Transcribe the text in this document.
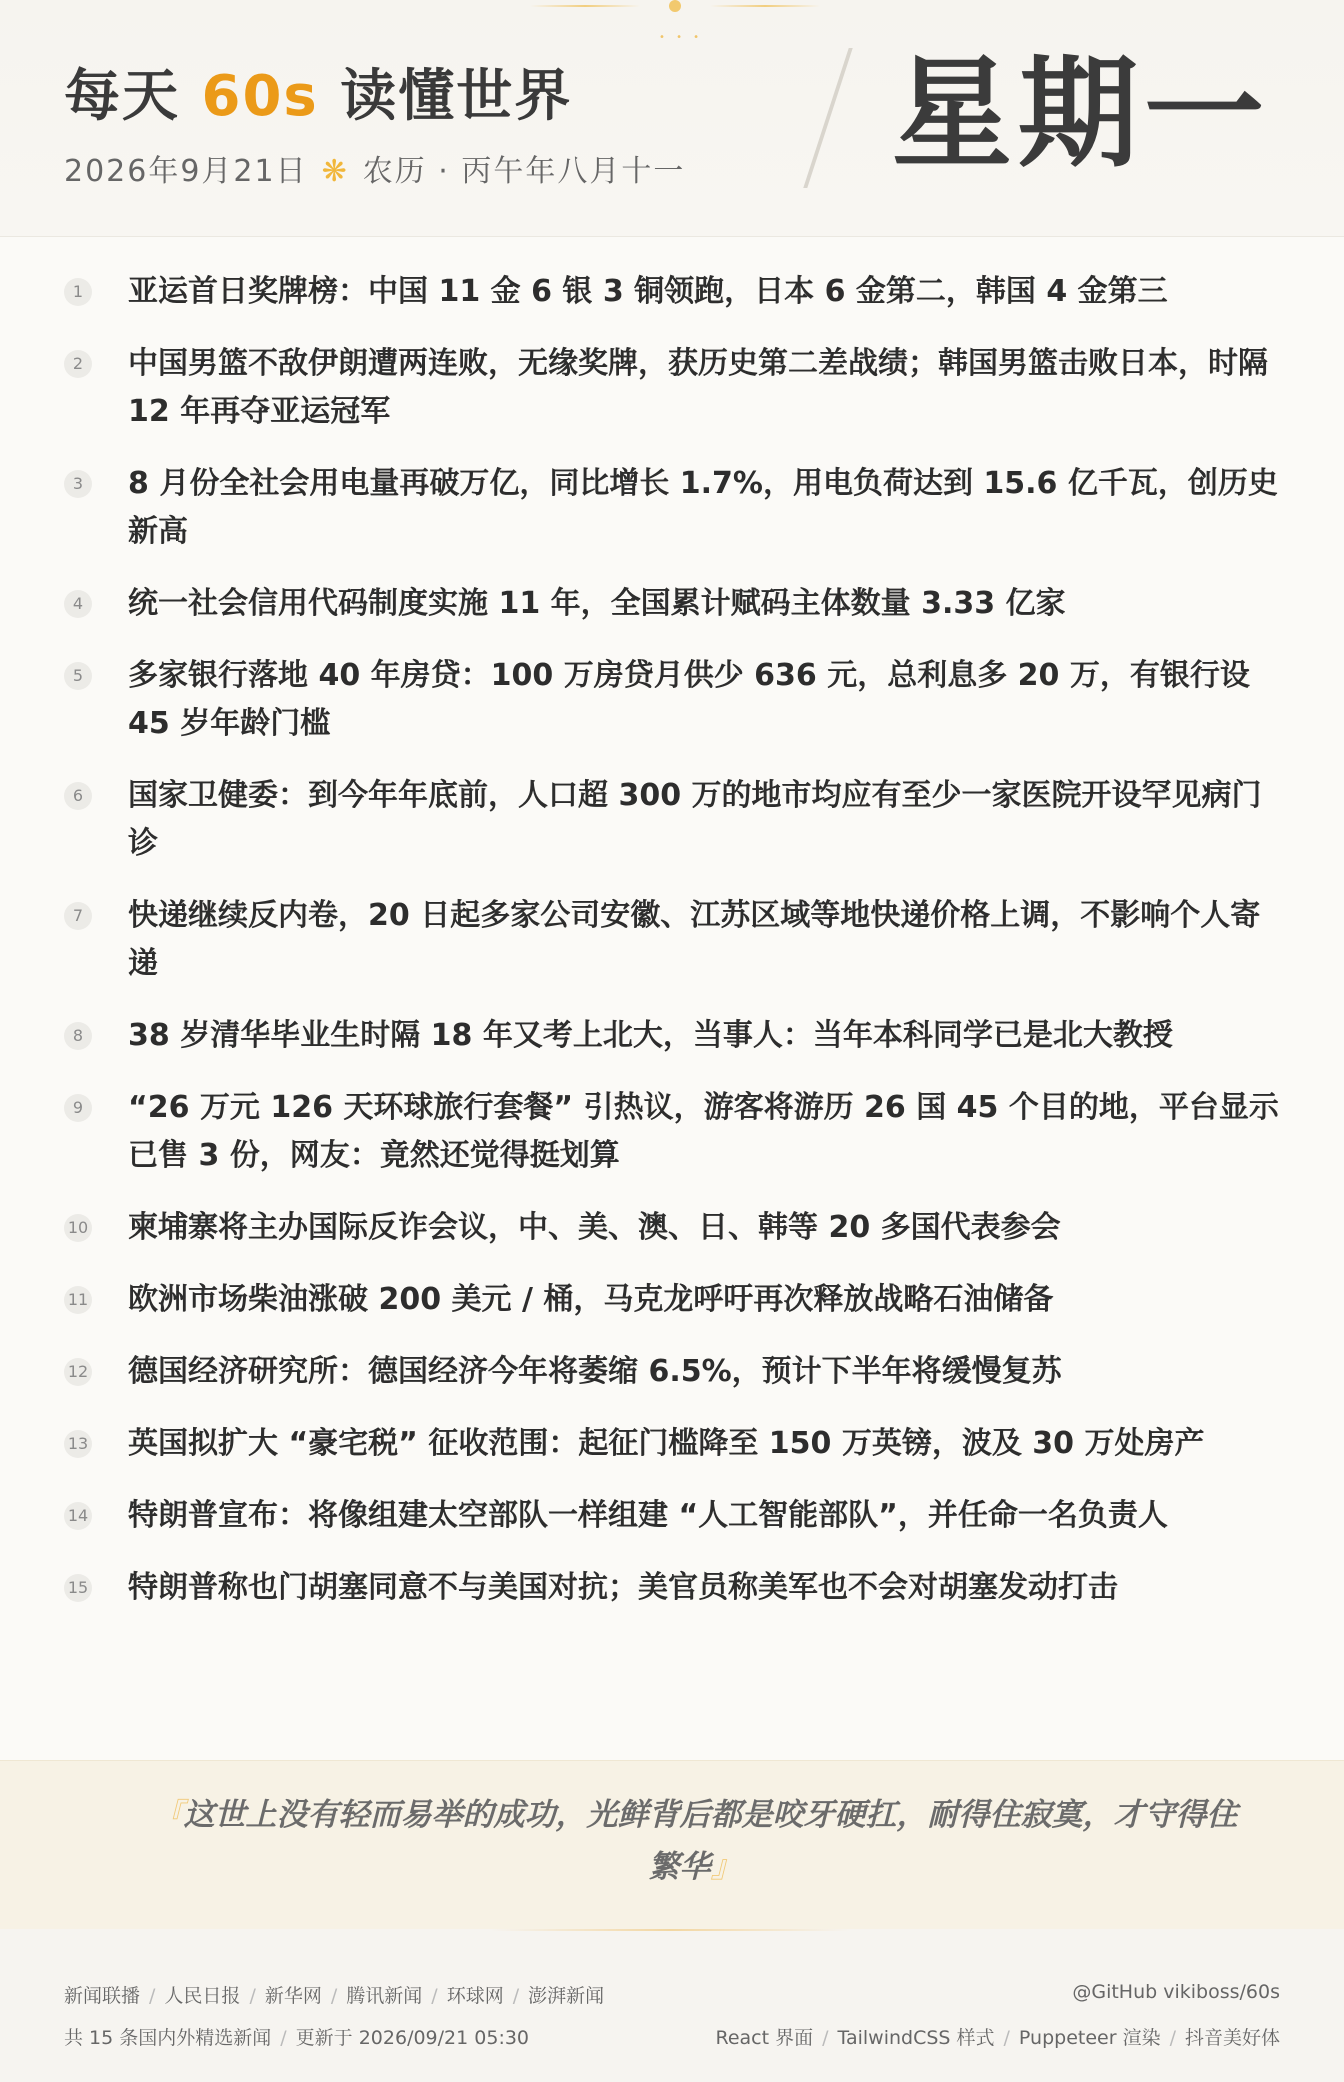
• • •
每天 60s 读懂世界
2026年9月21日 ❋ 农历 · 丙午年八月十一 星期一
1 亚运首日奖牌榜：中国 11 金 6 银 3 铜领跑，日本 6 金第二，韩国 4 金第三
2 中国男篮不敌伊朗遭两连败，无缘奖牌，获历史第二差战绩；韩国男篮击败日本，时隔 12 年再夺亚运冠军
3 8 月份全社会用电量再破万亿，同比增长 1.7%，用电负荷达到 15.6 亿千瓦，创历史新高
4 统一社会信用代码制度实施 11 年，全国累计赋码主体数量 3.33 亿家
5 多家银行落地 40 年房贷：100 万房贷月供少 636 元，总利息多 20 万，有银行设 45 岁年龄门槛
6 国家卫健委：到今年年底前，人口超 300 万的地市均应有至少一家医院开设罕见病门诊
7 快递继续反内卷，20 日起多家公司安徽、江苏区域等地快递价格上调，不影响个人寄递
8 38 岁清华毕业生时隔 18 年又考上北大，当事人：当年本科同学已是北大教授
9 “26 万元 126 天环球旅行套餐” 引热议，游客将游历 26 国 45 个目的地，平台显示已售 3 份，网友：竟然还觉得挺划算
10 柬埔寨将主办国际反诈会议，中、美、澳、日、韩等 20 多国代表参会
11 欧洲市场柴油涨破 200 美元 / 桶，马克龙呼吁再次释放战略石油储备
12 德国经济研究所：德国经济今年将萎缩 6.5%，预计下半年将缓慢复苏
13 英国拟扩大 “豪宅税” 征收范围：起征门槛降至 150 万英镑，波及 30 万处房产
14 特朗普宣布：将像组建太空部队一样组建 “人工智能部队”，并任命一名负责人
15 特朗普称也门胡塞同意不与美国对抗；美官员称美军也不会对胡塞发动打击
『这世上没有轻而易举的成功，光鲜背后都是咬牙硬扛，耐得住寂寞，才守得住繁华』
新闻联播 / 人民日报 / 新华网 / 腾讯新闻 / 环球网 / 澎湃新闻	@GitHub vikiboss/60s
共 15 条国内外精选新闻 / 更新于 2026/09/21 05:30	React 界面 / TailwindCSS 样式 / Puppeteer 渲染 / 抖音美好体
